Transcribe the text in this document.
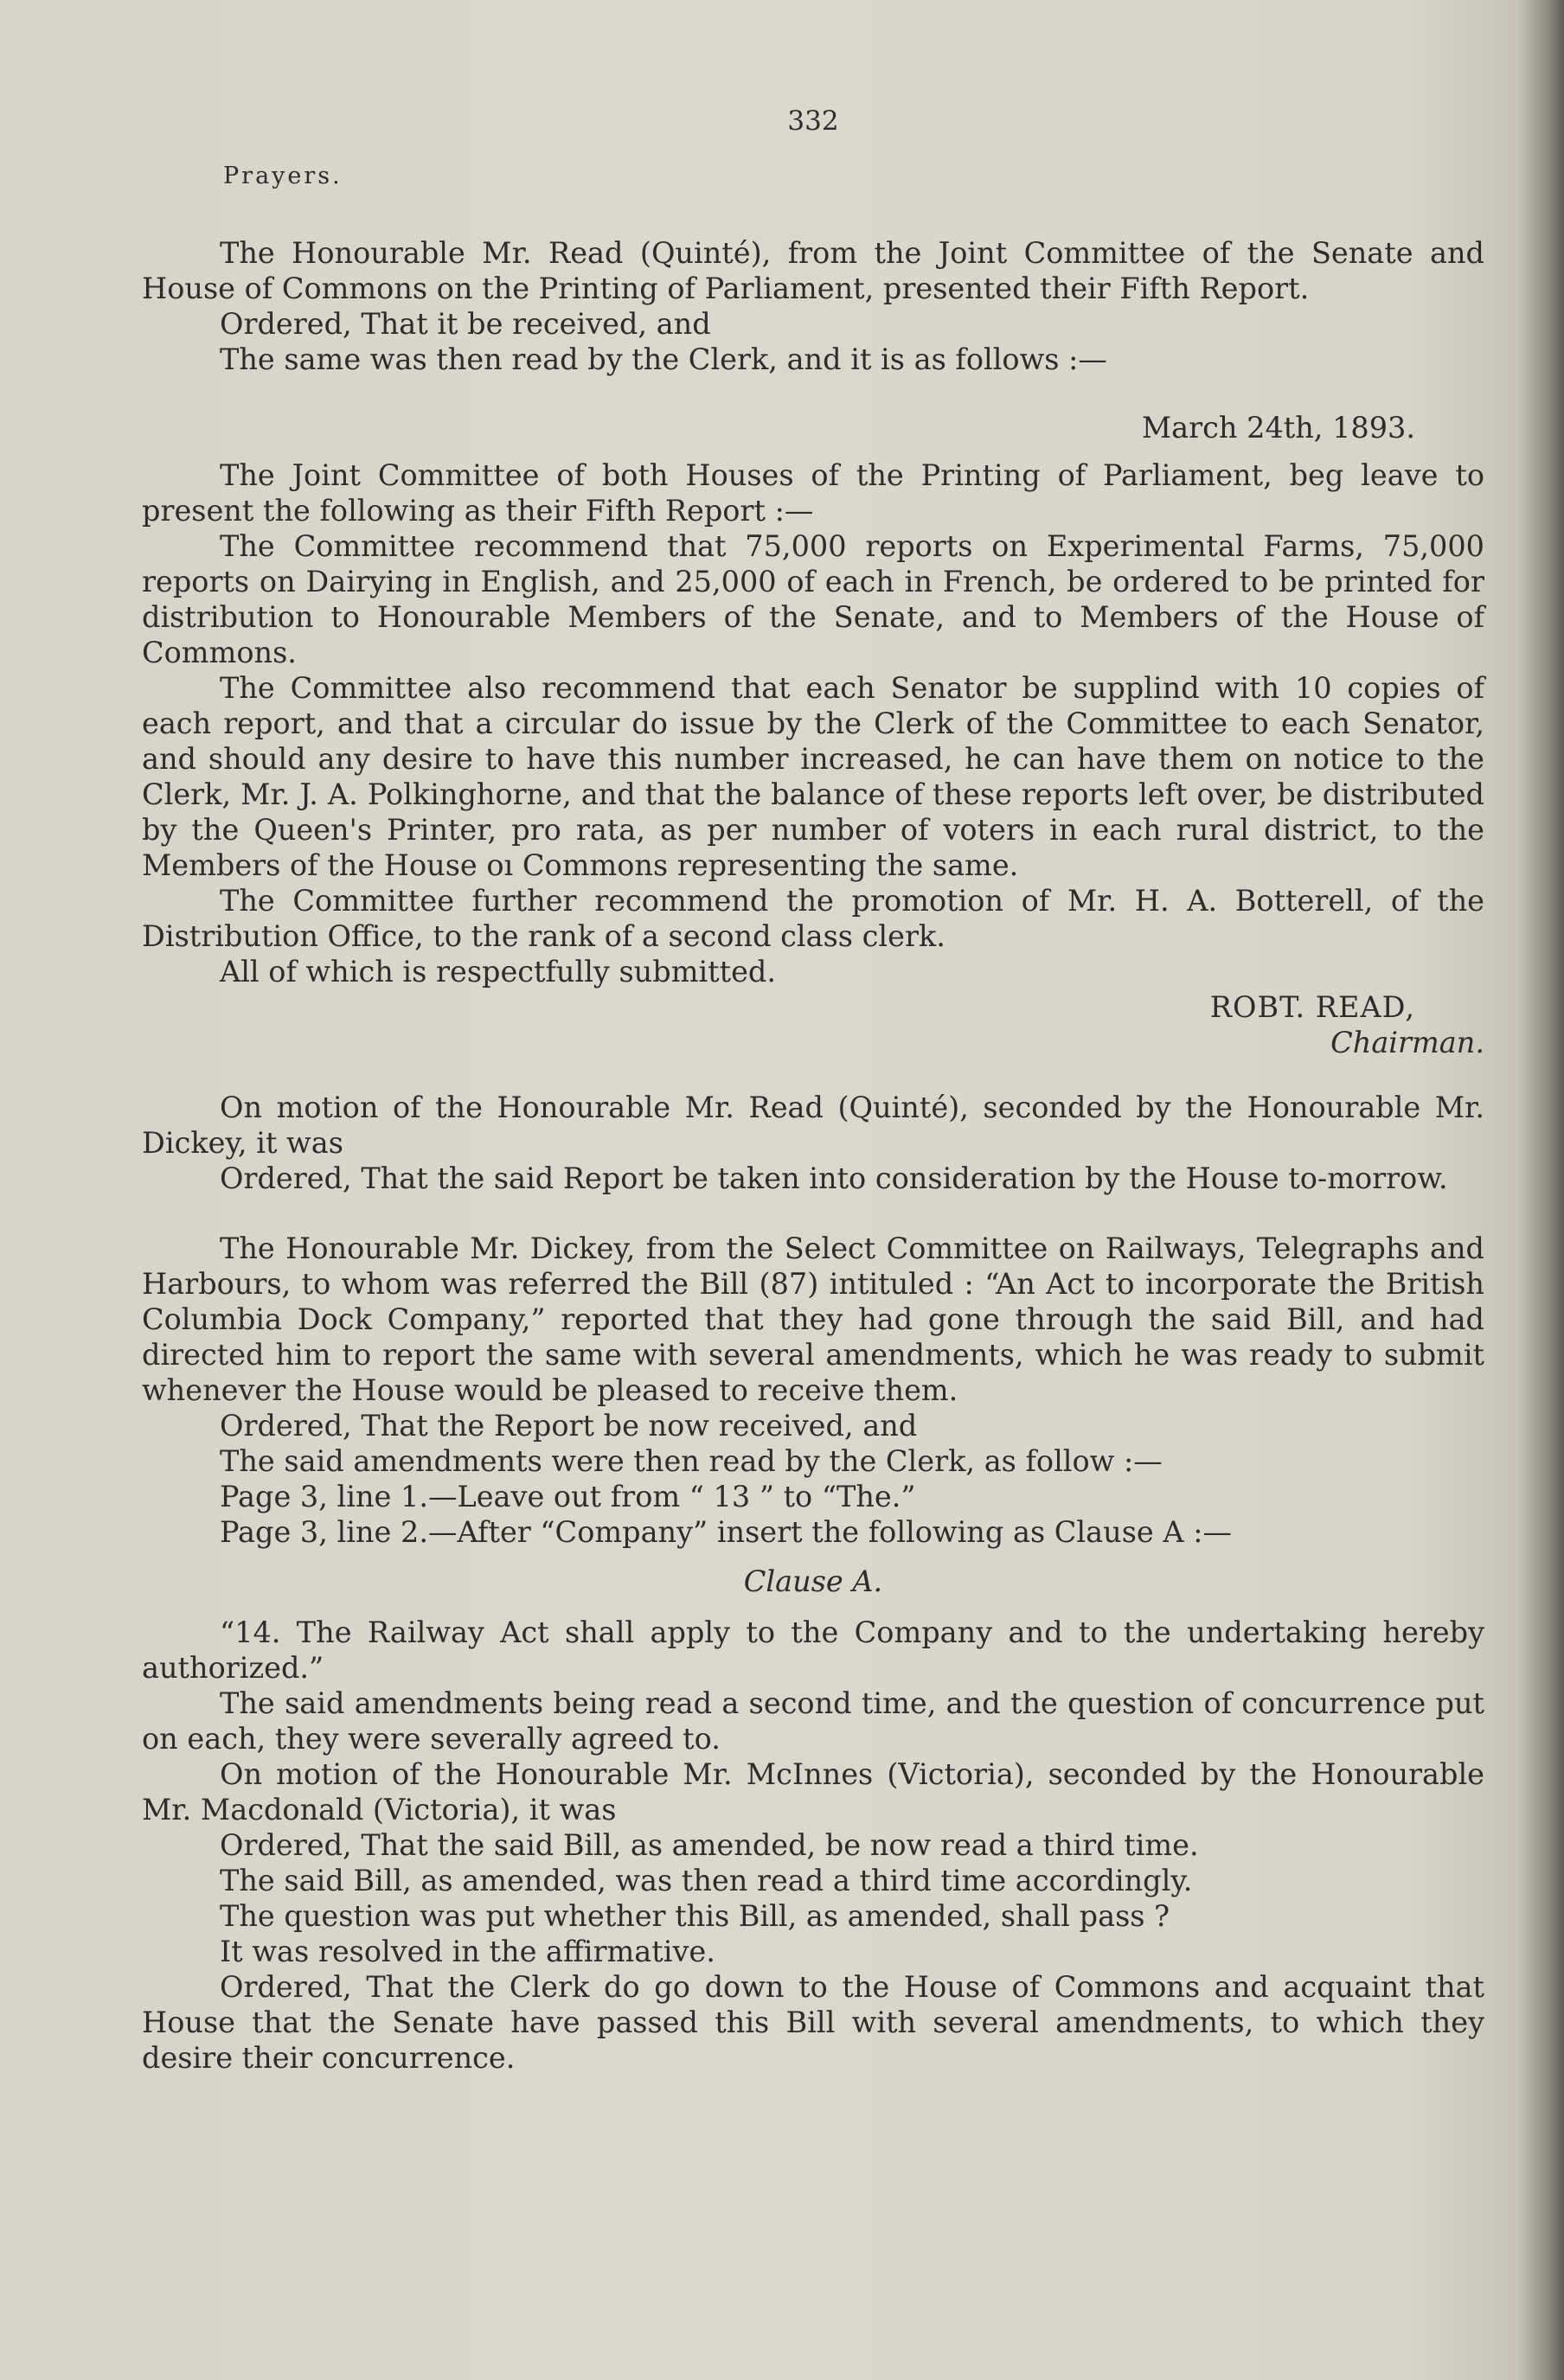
332
Prayers.

The Honourable Mr. Read (Quinté), from the Joint Committee of the Senate and House of Commons on the Printing of Parliament, presented their Fifth Report.

Ordered, That it be received, and

The same was then read by the Clerk, and it is as follows :—

March 24th, 1893.

The Joint Committee of both Houses of the Printing of Parliament, beg leave to present the following as their Fifth Report :—

The Committee recommend that 75,000 reports on Experimental Farms, 75,000 reports on Dairying in English, and 25,000 of each in French, be ordered to be printed for distribution to Honourable Members of the Senate, and to Members of the House of Commons.

The Committee also recommend that each Senator be supplind with 10 copies of each report, and that a circular do issue by the Clerk of the Committee to each Senator, and should any desire to have this number increased, he can have them on notice to the Clerk, Mr. J. A. Polkinghorne, and that the balance of these reports left over, be distributed by the Queen's Printer, pro ratа, as per number of voters in each rural district, to the Members of the House oı Commons representing the same.

The Committee further recommend the promotion of Mr. H. A. Botterell, of the Distribution Office, to the rank of a second class clerk.

All of which is respectfully submitted.

ROBT. READ,

Chairman.

On motion of the Honourable Mr. Read (Quinté), seconded by the Honourable Mr. Dickey, it was

Ordered, That the said Report be taken into consideration by the House to-morrow.

The Honourable Mr. Dickey, from the Select Committee on Railways, Telegraphs and Harbours, to whom was referred the Bill (87) intituled : “An Act to incorporate the British Columbia Dock Company,” reported that they had gone through the said Bill, and had directed him to report the same with several amendments, which he was ready to submit whenever the House would be pleased to receive them.

Ordered, That the Report be now received, and

The said amendments were then read by the Clerk, as follow :—

Page 3, line 1.—Leave out from “ 13 ” to “The.”

Page 3, line 2.—After “Company” insert the following as Clause A :—

Clause A.

“14. The Railway Act shall apply to the Company and to the undertaking hereby authorized.”

The said amendments being read a second time, and the question of concurrence put on each, they were severally agreed to.

On motion of the Honourable Mr. McInnes (Victoria), seconded by the Honourable Mr. Macdonald (Victoria), it was

Ordered, That the said Bill, as amended, be now read a third time.

The said Bill, as amended, was then read a third time accordingly.

The question was put whether this Bill, as amended, shall pass ?

It was resolved in the affirmative.

Ordered, That the Clerk do go down to the House of Commons and acquaint that House that the Senate have passed this Bill with several amendments, to which they desire their concurrence.
